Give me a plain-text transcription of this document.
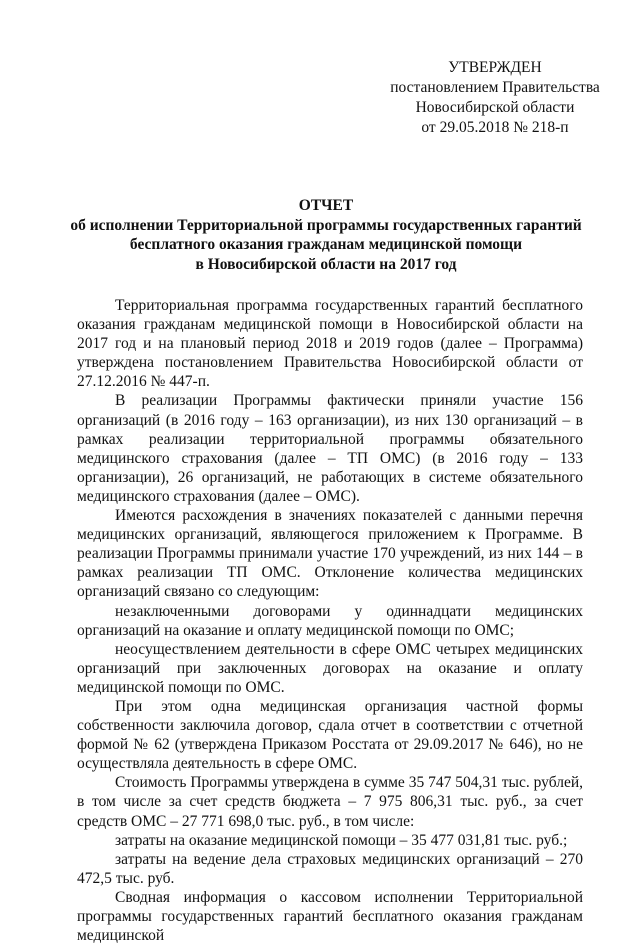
УТВЕРЖДЕН
постановлением Правительства
Новосибирской области
от 29.05.2018 № 218-п
ОТЧЕТ
об исполнении Территориальной программы государственных гарантий
бесплатного оказания гражданам медицинской помощи
в Новосибирской области на 2017 год

Территориальная программа государственных гарантий бесплатного оказания гражданам медицинской помощи в Новосибирской области на 2017 год и на плановый период 2018 и 2019 годов (далее – Программа) утверждена постановлением Правительства Новосибирской области от 27.12.2016 № 447-п.

В реализации Программы фактически приняли участие 156 организаций (в 2016 году – 163 организации), из них 130 организаций – в рамках реализации территориальной программы обязательного медицинского страхования (далее – ТП ОМС) (в 2016 году – 133 организации), 26 организаций, не работающих в системе обязательного медицинского страхования (далее – ОМС).

Имеются расхождения в значениях показателей с данными перечня медицинских организаций, являющегося приложением к Программе. В реализации Программы принимали участие 170 учреждений, из них 144 – в рамках реализации ТП ОМС. Отклонение количества медицинских организаций связано со следующим:

незаключенными договорами у одиннадцати медицинских организаций на оказание и оплату медицинской помощи по ОМС;

неосуществлением деятельности в сфере ОМС четырех медицинских организаций при заключенных договорах на оказание и оплату медицинской помощи по ОМС.

При этом одна медицинская организация частной формы собственности заключила договор, сдала отчет в соответствии с отчетной формой № 62 (утверждена Приказом Росстата от 29.09.2017 № 646), но не осуществляла деятельность в сфере ОМС.

Стоимость Программы утверждена в сумме 35 747 504,31 тыс. рублей, в том числе за счет средств бюджета – 7 975 806,31 тыс. руб., за счет средств ОМС – 27 771 698,0 тыс. руб., в том числе:

затраты на оказание медицинской помощи – 35 477 031,81 тыс. руб.;

затраты на ведение дела страховых медицинских организаций – 270 472,5 тыс. руб.

Сводная информация о кассовом исполнении Территориальной программы государственных гарантий бесплатного оказания гражданам медицинской
